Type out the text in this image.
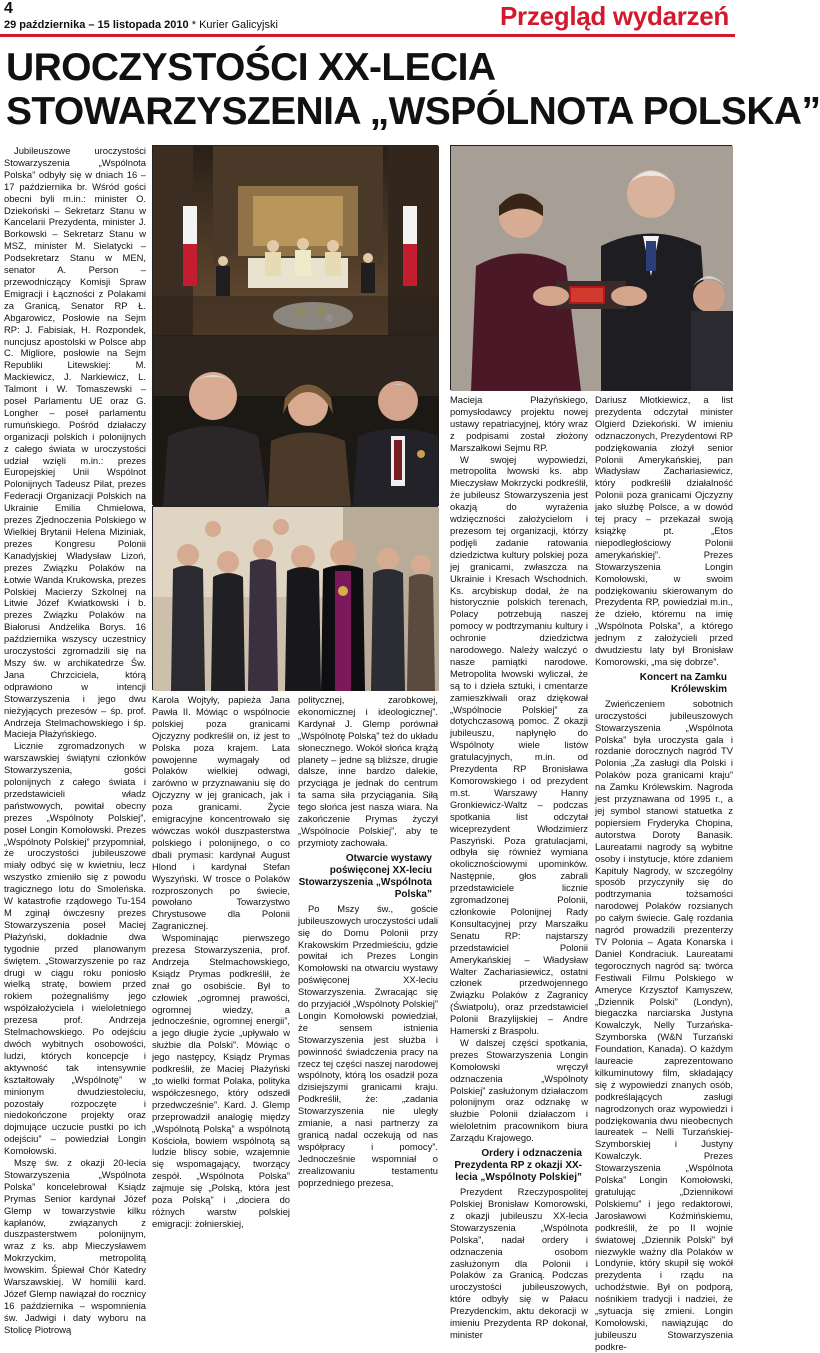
4
29 października – 15 listopada 2010 * Kurier Galicyjski	Przegląd wydarzeń
UROCZYSTOŚCI XX-LECIA
STOWARZYSZENIA „WSPÓLNOTA POLSKA”

Jubileuszowe uroczystości Stowarzyszenia „Wspólnota Polska” odbyły się w dniach 16 – 17 października br. Wśród gości obecni byli m.in.: minister O. Dziekoński – Sekretarz Stanu w Kancelarii Prezydenta, minister J. Borkowski – Sekretarz Stanu w MSZ, minister M. Sielatycki – Podsekretarz Stanu w MEN, senator A. Person – przewodniczący Komisji Spraw Emigracji i Łączności z Polakami za Granicą, Senator RP Ł. Abgarowicz, Posłowie na Sejm RP: J. Fabisiak, H. Rozpondek, nuncjusz apostolski w Polsce abp C. Migliore, posłowie na Sejm Republiki Litewskiej: M. Mackiewicz, J. Narkiewicz, L. Talmont i W. Tomaszewski – poseł Parlamentu UE oraz G. Longher – poseł parlamentu rumuńskiego. Pośród działaczy organizacji polskich i polonijnych z całego świata w uroczystości udział wzięli m.in.: prezes Europejskiej Unii Wspólnot Polonijnych Tadeusz Pilat, prezes Federacji Organizacji Polskich na Ukrainie Emilia Chmielowa, prezes Zjednoczenia Polskiego w Wielkiej Brytanii Helena Miziniak, prezes Kongresu Polonii Kanadyjskiej Władysław Lizoń, prezes Związku Polaków na Łotwie Wanda Krukowska, prezes Polskiej Macierzy Szkolnej na Litwie Józef Kwiatkowski i b. prezes Związku Polaków na Białorusi Andżelika Borys. 16 października wszyscy uczestnicy uroczystości zgromadzili się na Mszy św. w archikatedrze Św. Jana Chrzciciela, którą odprawiono w intencji Stowarzyszenia i jego dwu nieżyjących prezesów – śp. prof. Andrzeja Stelmachowskiego i śp. Macieja Płażyńskiego.

Licznie zgromadzonych w warszawskiej świątyni członków Stowarzyszenia, gości polonijnych z całego świata i przedstawicieli władz państwowych, powitał obecny prezes „Wspólnoty Polskiej”, poseł Longin Komołowski. Prezes „Wspólnoty Polskiej” przypomniał, że uroczystości jubileuszowe miały odbyć się w kwietniu, lecz wszystko zmieniło się z powodu tragicznego lotu do Smoleńska. W katastrofie rządowego Tu-154 M zginął ówczesny prezes Stowarzyszenia poseł Maciej Płażyński, dokładnie dwa tygodnie przed planowanym świętem. „Stowarzyszenie po raz drugi w ciągu roku poniosło wielką stratę, bowiem przed rokiem pożegnaliśmy jego współzałożyciela i wieloletniego prezesa prof. Andrzeja Stelmachowskiego. Po odejściu dwóch wybitnych osobowości, ludzi, których koncepcje i aktywność tak intensywnie kształtowały „Wspólnotę” w minionym dwudziestoleciu, pozostały rozpoczęte i niedokończone projekty oraz dojmujące uczucie pustki po ich odejściu” – powiedział Longin Komołowski.

Mszę św. z okazji 20-lecia Stowarzyszenia „Wspólnota Polska” koncelebrował Ksiądz Prymas Senior kardynał Józef Glemp w towarzystwie kilku kapłanów, związanych z duszpasterstwem polonijnym, wraz z ks. abp Mieczysławem Mokrzyckim, metropolitą lwowskim. Śpiewał Chór Katedry Warszawskiej. W homilii kard. Józef Glemp nawiązał do rocznicy 16 października – wspomnienia św. Jadwigi i daty wyboru na Stolicę Piotrową

Karola Wojtyły, papieża Jana Pawła II. Mówiąc o wspólnocie polskiej poza granicami Ojczyzny podkreślił on, iż jest to Polska poza krajem. Lata powojenne wymagały od Polaków wielkiej odwagi, zarówno w przyznawaniu się do Ojczyzny w jej granicach, jak i poza granicami. Życie emigracyjne koncentrowało się wówczas wokół duszpasterstwa polskiego i polonijnego, o co dbali prymasi: kardynał August Hlond i kardynał Stefan Wyszyński. W trosce o Polaków rozproszonych po świecie, powołano Towarzystwo Chrystusowe dla Polonii Zagranicznej.

Wspominając pierwszego prezesa Stowarzyszenia, prof. Andrzeja Stelmachowskiego, Ksiądz Prymas podkreślił, że znał go osobiście. Był to człowiek „ogromnej prawości, ogromnej wiedzy, a jednocześnie, ogromnej energii”, a jego długie życie „upływało w służbie dla Polski”. Mówiąc o jego następcy, Ksiądz Prymas podkreślił, że Maciej Płażyński „to wielki format Polaka, polityka współczesnego, który odszedł przedwcześnie”. Kard. J. Glemp przeprowadził analogię między „Wspólnotą Polską” a wspólnotą Kościoła, bowiem wspólnotą są ludzie bliscy sobie, wzajemnie się wspomagający, tworzący zespół. „Wspólnota Polska” zajmuje się „Polską, która jest poza Polską” i „dociera do różnych warstw polskiej emigracji: żołnierskiej,

politycznej, zarobkowej, ekonomicznej i ideologicznej”. Kardynał J. Glemp porównał „Wspólnotę Polską” też do układu słonecznego. Wokół słońca krążą planety – jedne są bliższe, drugie dalsze, inne bardzo dalekie, przyciąga je jednak do centrum ta sama siła przyciągania. Siłą tego słońca jest nasza wiara. Na zakończenie Prymas życzył „Wspólnocie Polskiej”, aby te przymioty zachowała.

Otwarcie wystawy poświęconej XX-leciu Stowarzyszenia „Wspólnota Polska”

Po Mszy św., goście jubileuszowych uroczystości udali się do Domu Polonii przy Krakowskim Przedmieściu, gdzie powitał ich Prezes Longin Komołowski na otwarciu wystawy poświęconej XX-leciu Stowarzyszenia. Zwracając się do przyjaciół „Wspólnoty Polskiej” Longin Komołowski powiedział, że sensem istnienia Stowarzyszenia jest służba i powinność świadczenia pracy na rzecz tej części naszej narodowej wspólnoty, którą los osadził poza dzisiejszymi granicami kraju. Podkreślił, że: „zadania Stowarzyszenia nie uległy zmianie, a nasi partnerzy za granicą nadal oczekują od nas współpracy i pomocy”. Jednocześnie wspomniał o zrealizowaniu testamentu poprzedniego prezesa,

Macieja Płażyńskiego, pomysłodawcy projektu nowej ustawy repatriacyjnej, który wraz z podpisami został złożony Marszałkowi Sejmu RP.

W swojej wypowiedzi, metropolita lwowski ks. abp Mieczysław Mokrzycki podkreślił, że jubileusz Stowarzyszenia jest okazją do wyrażenia wdzięczności założycielom i prezesom tej organizacji, którzy podjęli zadanie ratowania dziedzictwa kultury polskiej poza jej granicami, zwłaszcza na Ukrainie i Kresach Wschodnich. Ks. arcybiskup dodał, że na historycznie polskich terenach, Polacy potrzebują naszej pomocy w podtrzymaniu kultury i ochronie dziedzictwa narodowego. Należy walczyć o nasze pamiątki narodowe. Metropolita lwowski wyliczał, że są to i dzieła sztuki, i cmentarze zamieszkiwali oraz dziękował „Wspólnocie Polskiej” za dotychczasową pomoc. Z okazji jubileuszu, napłynęło do Wspólnoty wiele listów gratulacyjnych, m.in. od Prezydenta RP Bronisława Komorowskiego i od prezydent m.st. Warszawy Hanny Gronkiewicz-Waltz – podczas spotkania list odczytał wiceprezydent Włodzimierz Paszyński. Poza gratulacjami, odbyła się również wymiana okolicznościowymi upominków. Następnie, głos zabrali przedstawiciele licznie zgromadzonej Polonii, członkowie Polonijnej Rady Konsultacyjnej przy Marszałku Senatu RP: najstarszy przedstawiciel Polonii Amerykańskiej – Władysław Walter Zachariasiewicz, ostatni członek przedwojennego Związku Polaków z Zagranicy (Światpolu), oraz przedstawiciel Polonii Brazylijskiej – Andre Hamerski z Braspolu.

W dalszej części spotkania, prezes Stowarzyszenia Longin Komołowski wręczył odznaczenia „Wspólnoty Polskiej” zasłużonym działaczom polonijnym oraz odznakę w służbie Polonii działaczom i wieloletnim pracownikom biura Zarządu Krajowego.

Ordery i odznaczenia Prezydenta RP z okazji XX-lecia „Wspólnoty Polskiej”

Prezydent Rzeczypospolitej Polskiej Bronisław Komorowski, z okazji jubileuszu XX-lecia Stowarzyszenia „Wspólnota Polska”, nadał ordery i odznaczenia osobom zasłużonym dla Polonii i Polaków za Granicą. Podczas uroczystości jubileuszowych, które odbyły się w Pałacu Prezydenckim, aktu dekoracji w imieniu Prezydenta RP dokonał, minister

Dariusz Młotkiewicz, a list prezydenta odczytał minister Olgierd Dziekoński. W imieniu odznaczonych, Prezydentowi RP podziękowania złożył senior Polonii Amerykańskiej, pan Władysław Zachariasiewicz, który podkreślił działalność Polonii poza granicami Ojczyzny jako służbę Polsce, a w dowód tej pracy – przekazał swoją książkę pt. „Etos niepodległościowy Polonii amerykańskiej”. Prezes Stowarzyszenia Longin Komołowski, w swoim podziękowaniu skierowanym do Prezydenta RP, powiedział m.in., że dzieło, któremu na imię „Wspólnota Polska”, a którego jednym z założycieli przed dwudziestu laty był Bronisław Komorowski, „ma się dobrze”.

Koncert na Zamku Królewskim

Zwieńczeniem sobotnich uroczystości jubileuszowych Stowarzyszenia „Wspólnota Polska” była uroczysta gala i rozdanie dorocznych nagród TV Polonia „Za zasługi dla Polski i Polaków poza granicami kraju” na Zamku Królewskim. Nagroda jest przyznawana od 1995 r., a jej symbol stanowi statuetka z popiersiem Fryderyka Chopina, autorstwa Doroty Banasik. Laureatami nagrody są wybitne osoby i instytucje, które zdaniem Kapituły Nagrody, w szczególny sposób przyczyniły się do podtrzymania tożsamości narodowej Polaków rozsianych po całym świecie. Galę rozdania nagród prowadzili prezenterzy TV Polonia – Agata Konarska i Daniel Kondraciuk. Laureatami tegorocznych nagród są: twórca Festiwali Filmu Polskiego w Ameryce Krzysztof Kamyszew, „Dziennik Polski” (Londyn), biegaczka narciarska Justyna Kowalczyk, Nelly Turzańska-Szymborska (W&N Turzański Foundation, Kanada). O każdym laureacie zaprezentowano kilkuminutowy film, składający się z wypowiedzi znanych osób, podkreślających zasługi nagrodzonych oraz wypowiedzi i podziękowania dwu nieobecnych laureatek – Nelli Turzańskiej-Szymborskiej i Justyny Kowalczyk. Prezes Stowarzyszenia „Wspólnota Polska” Longin Komołowski, gratulując „Dziennikowi Polskiemu” i jego redaktorowi, Jarosławowi Koźmińskiemu, podkreślił, że po II wojnie światowej „Dziennik Polski” był niezwykle ważny dla Polaków w Londynie, który skupił się wokół prezydenta i rządu na uchodźstwie. Był on podporą, nośnikiem tradycji i nadziei, że „sytuacja się zmieni. Longin Komołowski, nawiązując do jubileuszu Stowarzyszenia podkre-
